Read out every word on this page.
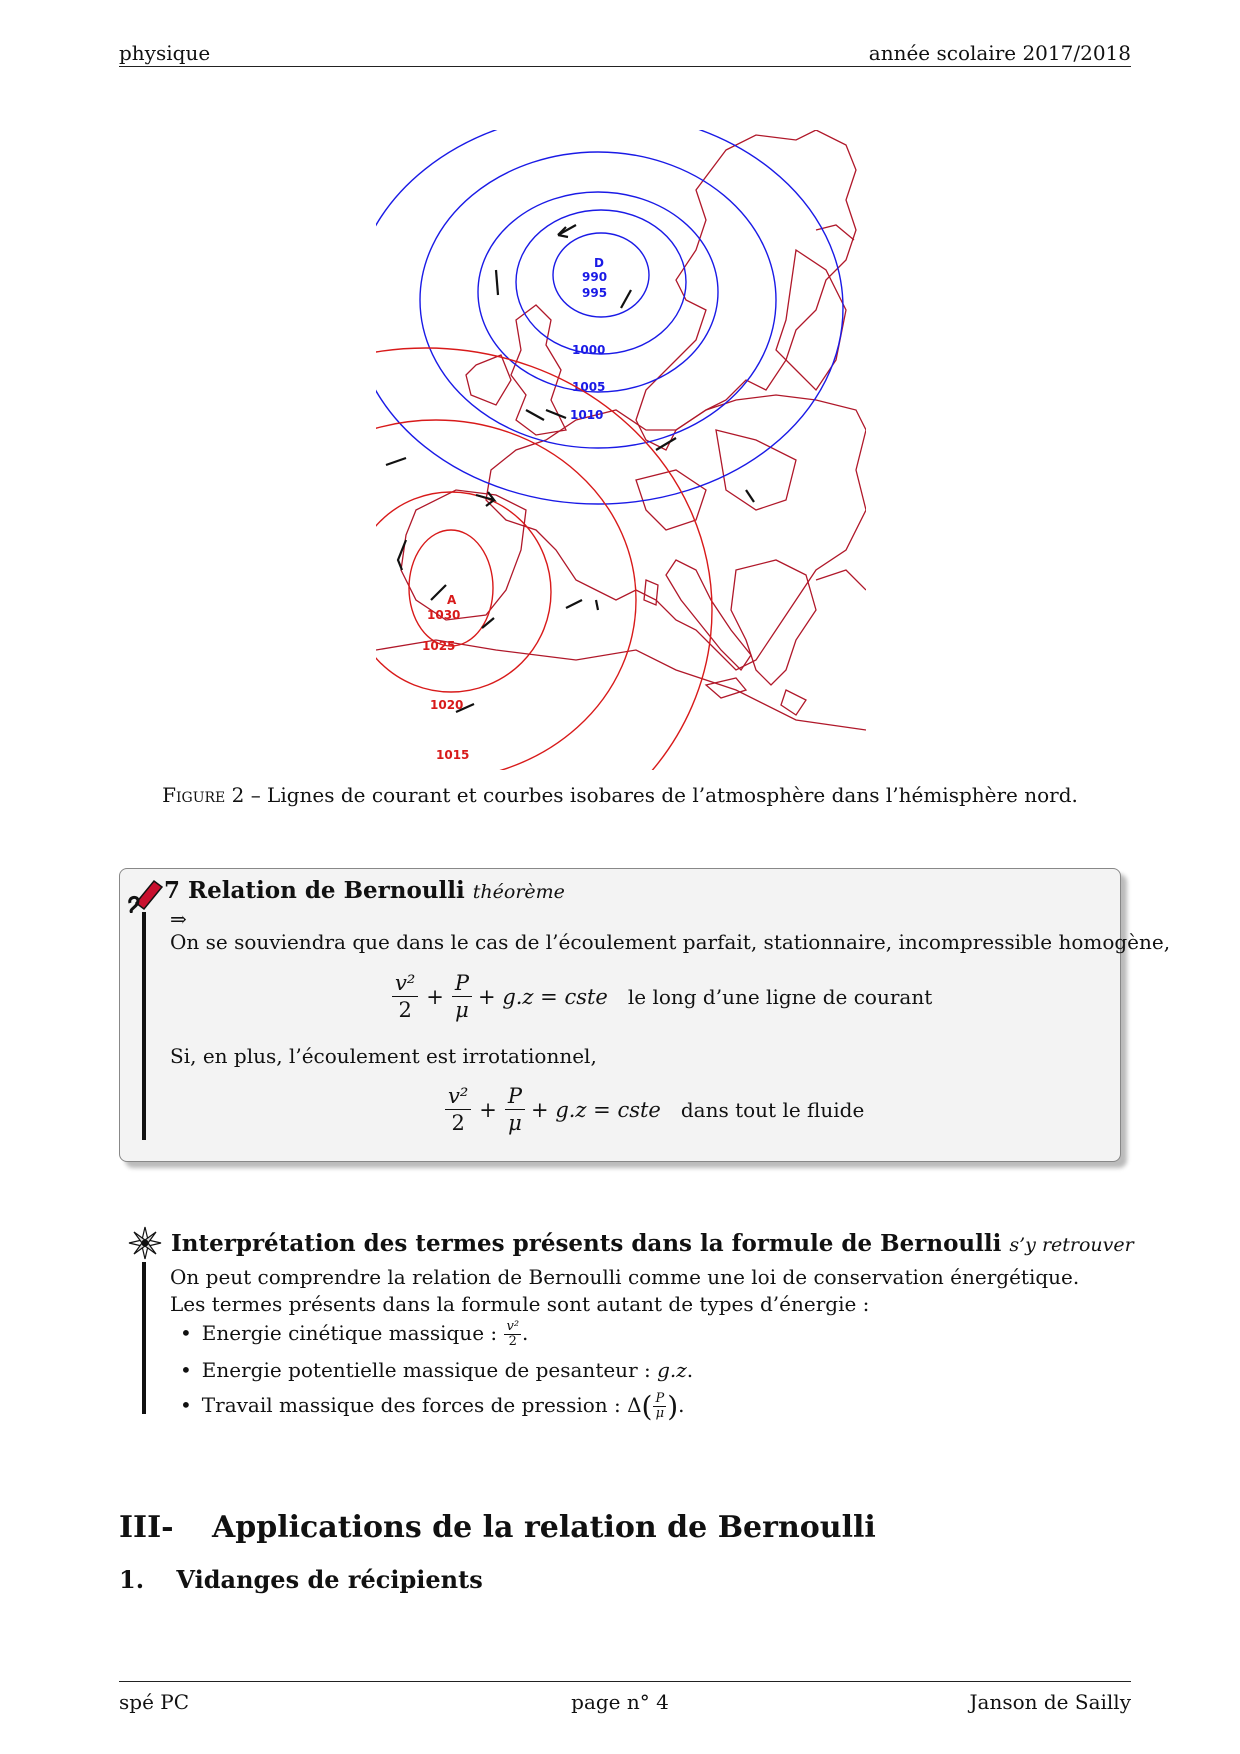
physique	année scolaire 2017/2018
D
990
995
1000
1005
1010
A
1030
1025
1020
1015
Figure 2 – Lignes de courant et courbes isobares de l’atmosphère dans l’hémisphère nord.
7 Relation de Bernoulli théorème
⇒
On se souviendra que dans le cas de l’écoulement parfait, stationnaire, incompressible homogène,
$\frac{\text{v²}}{2} + \frac{P}{\mu} + g.z$ = cste le long d’une ligne de courant
Si, en plus, l’écoulement est irrotationnel,
$\frac{\text{v²}}{2} + \frac{P}{\mu} + g.z$ = cste dans tout le fluide
Interprétation des termes présents dans la formule de Bernoulli s’y retrouver
On peut comprendre la relation de Bernoulli comme une loi de conservation énergétique. Les termes présents dans la formule sont autant de types d’énergie :
• Energie cinétique massique : $\frac{\text{v²}}{2}$ .
• Energie potentielle massique de pesanteur : g.z.
• Travail massique des forces de pression : $\Delta( \frac{P}{\mu}$ ).
III- Applications de la relation de Bernoulli
1. Vidanges de récipients
spé PC	page n° 4	Janson de Sailly
